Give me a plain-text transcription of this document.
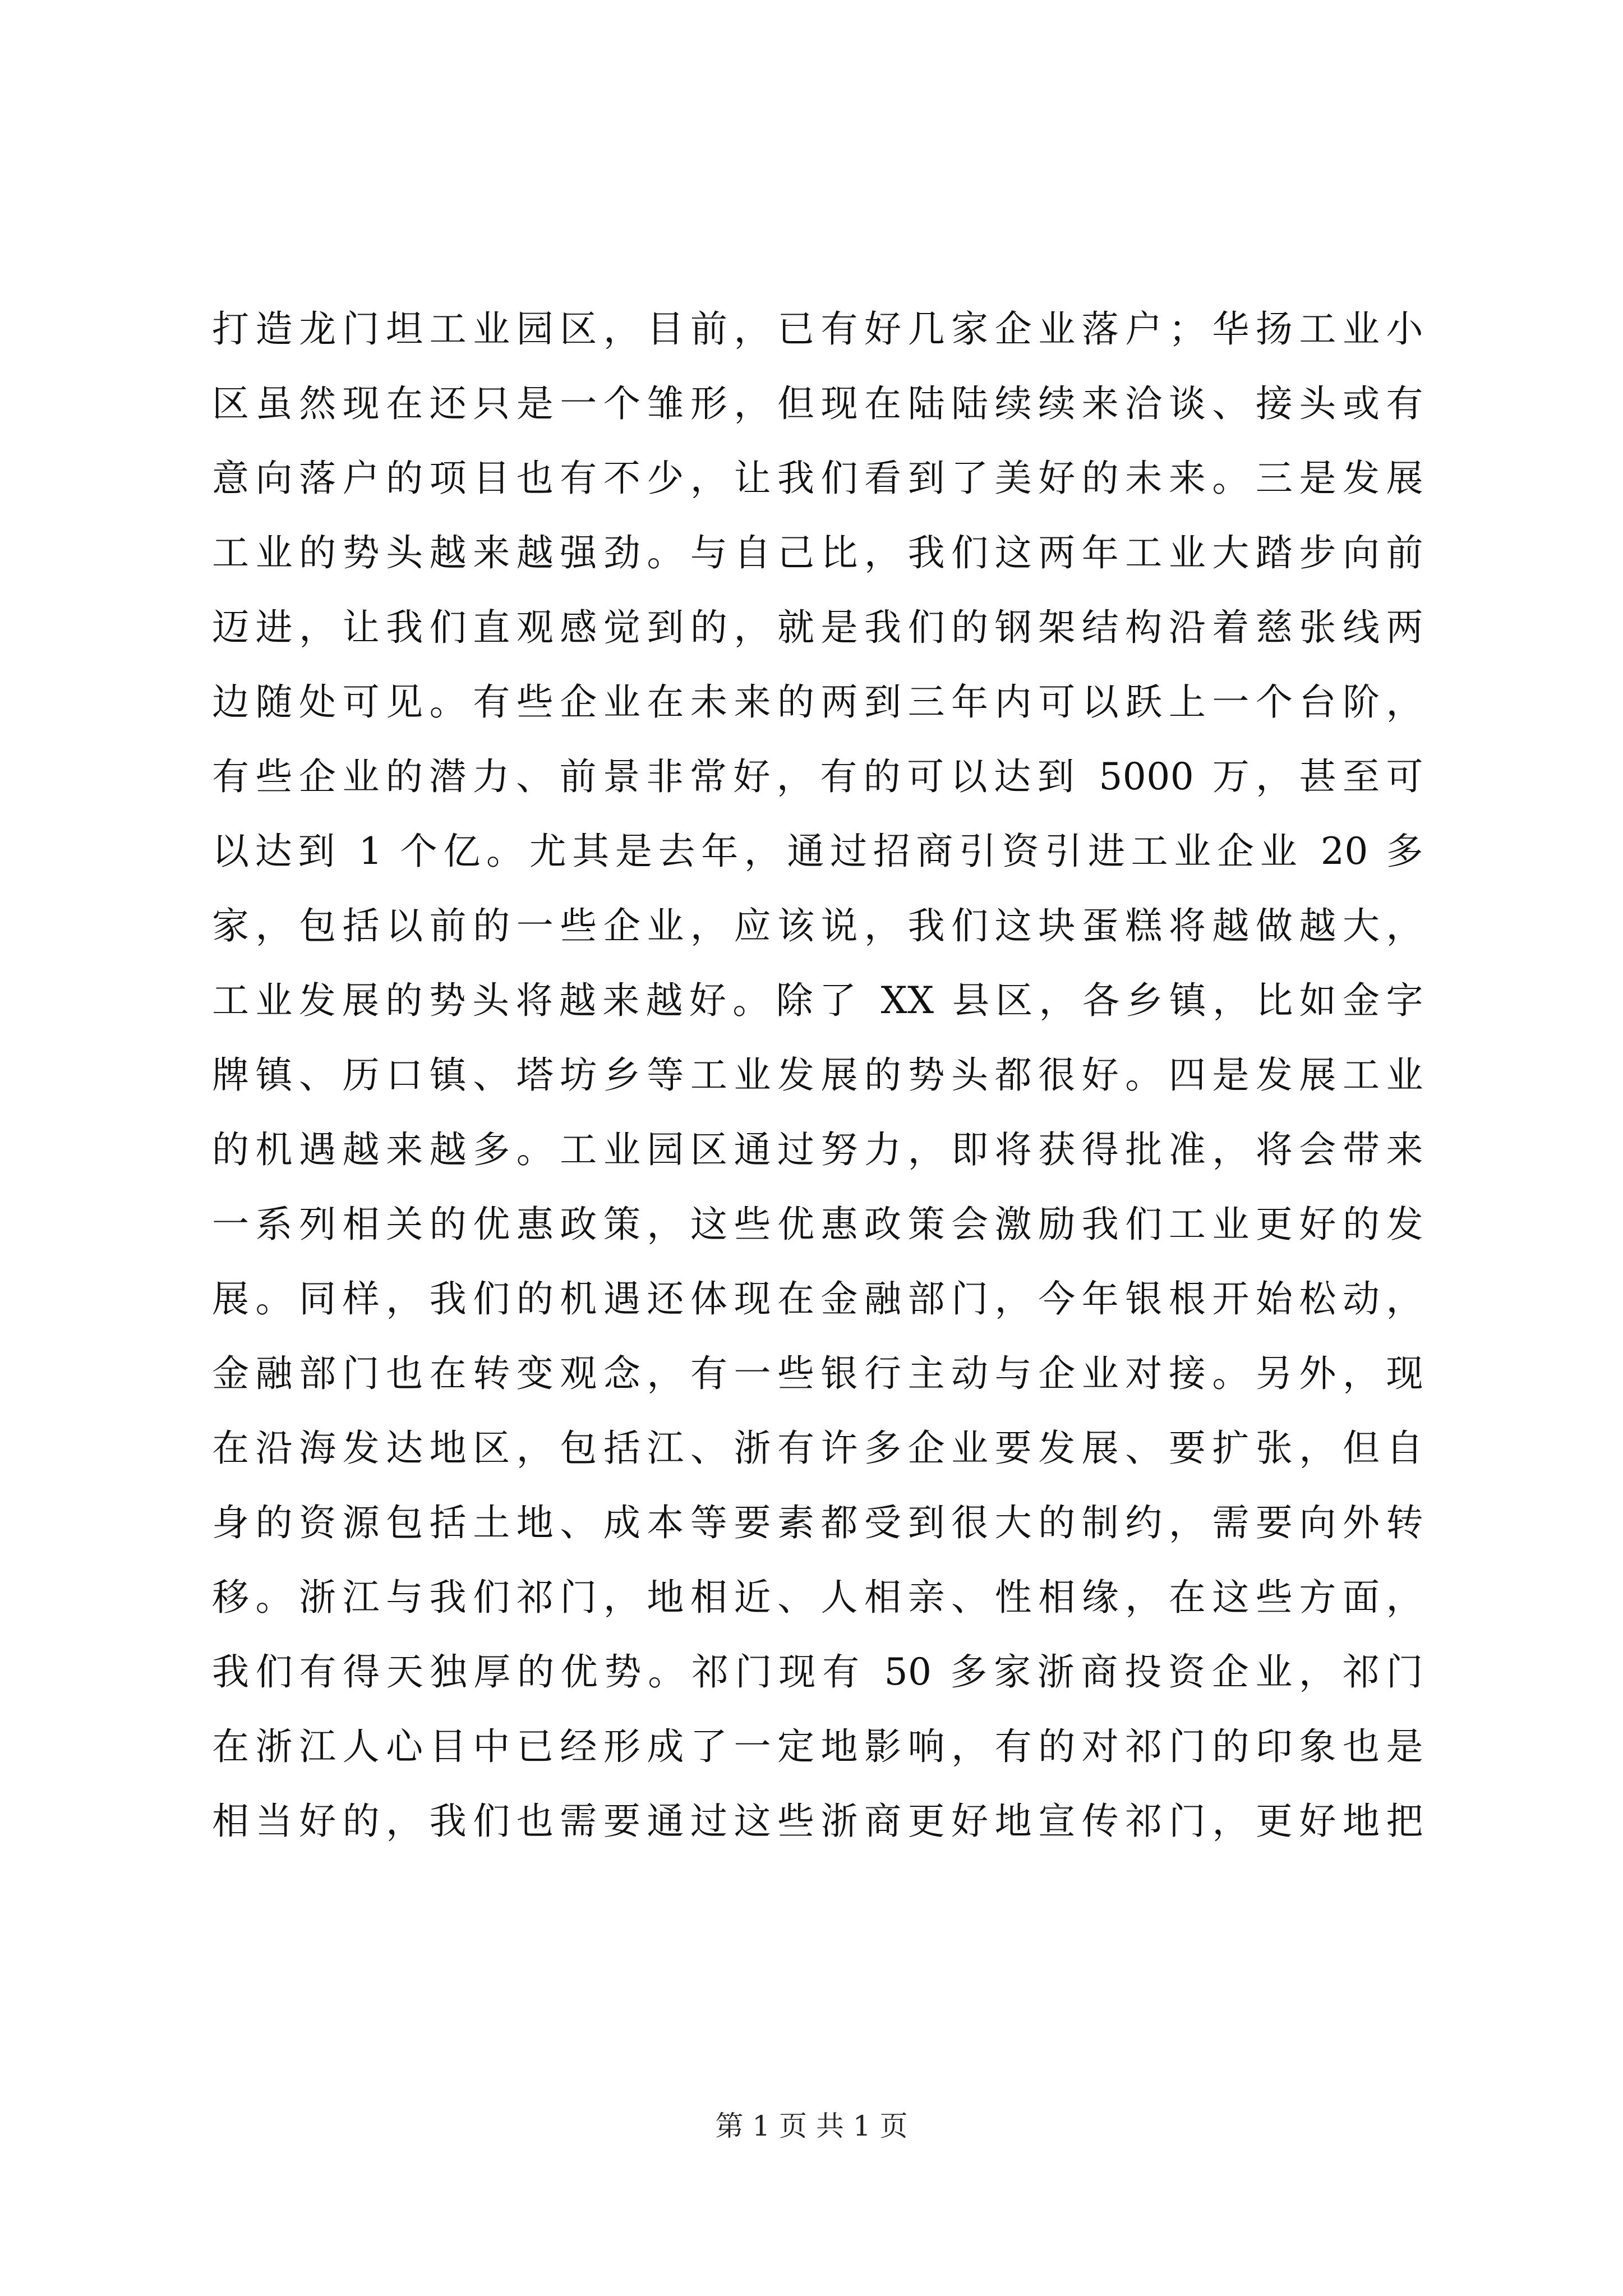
打造龙门坦工业园区，目前，已有好几家企业落户；华扬工业小
区虽然现在还只是一个雏形，但现在陆陆续续来洽谈、接头或有
意向落户的项目也有不少，让我们看到了美好的未来。三是发展
工业的势头越来越强劲。与自己比，我们这两年工业大踏步向前
迈进，让我们直观感觉到的，就是我们的钢架结构沿着慈张线两
边随处可见。有些企业在未来的两到三年内可以跃上一个台阶，
有些企业的潜力、前景非常好，有的可以达到 5000 万，甚至可
以达到 1 个亿。尤其是去年，通过招商引资引进工业企业 20 多
家，包括以前的一些企业，应该说，我们这块蛋糕将越做越大，
工业发展的势头将越来越好。除了 XX 县区，各乡镇，比如金字
牌镇、历口镇、塔坊乡等工业发展的势头都很好。四是发展工业
的机遇越来越多。工业园区通过努力，即将获得批准，将会带来
一系列相关的优惠政策，这些优惠政策会激励我们工业更好的发
展。同样，我们的机遇还体现在金融部门，今年银根开始松动，
金融部门也在转变观念，有一些银行主动与企业对接。另外，现
在沿海发达地区，包括江、浙有许多企业要发展、要扩张，但自
身的资源包括土地、成本等要素都受到很大的制约，需要向外转
移。浙江与我们祁门，地相近、人相亲、性相缘，在这些方面，
我们有得天独厚的优势。祁门现有 50 多家浙商投资企业，祁门
在浙江人心目中已经形成了一定地影响，有的对祁门的印象也是
相当好的，我们也需要通过这些浙商更好地宣传祁门，更好地把
第 1 页 共 1 页
